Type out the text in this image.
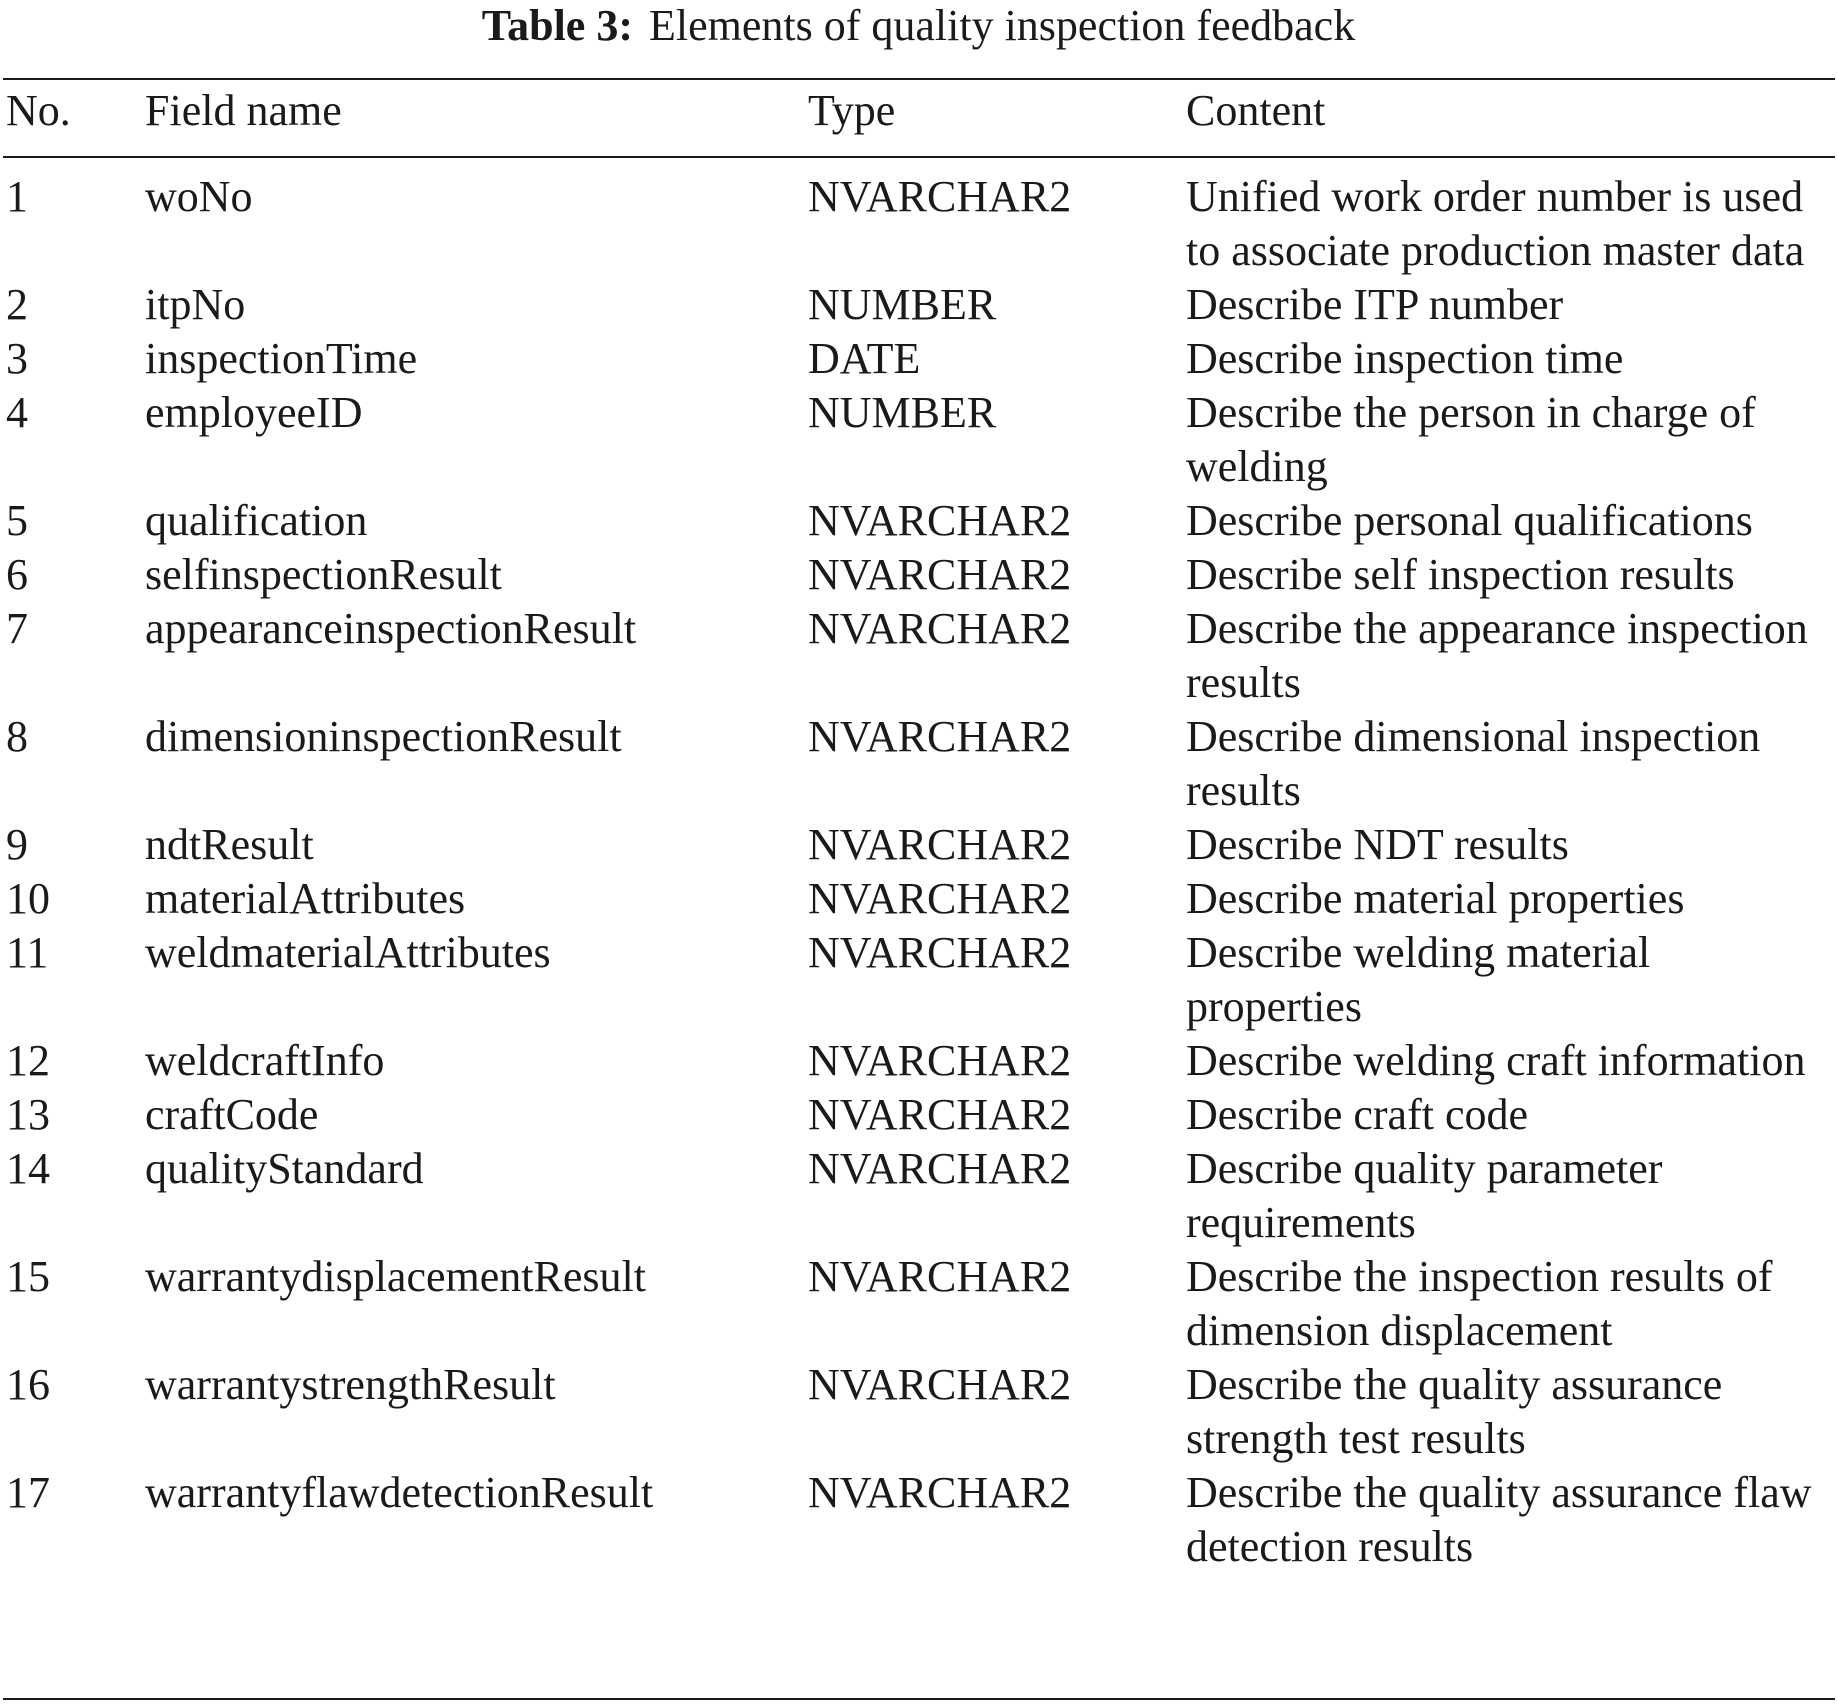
Table 3: Elements of quality inspection feedback
No.	Field name	Type	Content

1	woNo	NVARCHAR2	Unified work order number is used to associate production master data
2	itpNo	NUMBER	Describe ITP number
3	inspectionTime	DATE	Describe inspection time
4	employeeID	NUMBER	Describe the person in charge of welding
5	qualification	NVARCHAR2	Describe personal qualifications
6	selfinspectionResult	NVARCHAR2	Describe self inspection results
7	appearanceinspectionResult	NVARCHAR2	Describe the appearance inspection results
8	dimensioninspectionResult	NVARCHAR2	Describe dimensional inspection results
9	ndtResult	NVARCHAR2	Describe NDT results
10	materialAttributes	NVARCHAR2	Describe material properties
11	weldmaterialAttributes	NVARCHAR2	Describe welding material properties
12	weldcraftInfo	NVARCHAR2	Describe welding craft information
13	craftCode	NVARCHAR2	Describe craft code
14	qualityStandard	NVARCHAR2	Describe quality parameter requirements
15	warrantydisplacementResult	NVARCHAR2	Describe the inspection results of dimension displacement
16	warrantystrengthResult	NVARCHAR2	Describe the quality assurance strength test results
17	warrantyflawdetectionResult	NVARCHAR2	Describe the quality assurance flaw detection results
